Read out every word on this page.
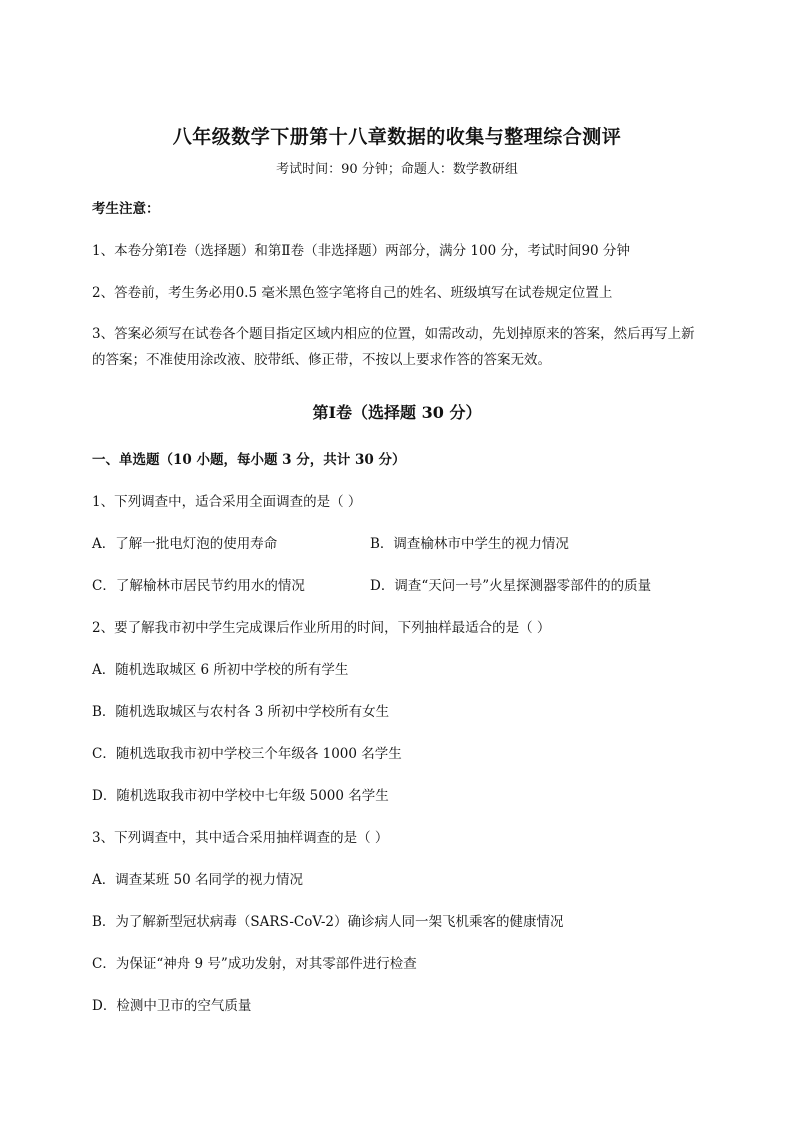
八年级数学下册第十八章数据的收集与整理综合测评
考试时间：90 分钟；命题人：数学教研组
考生注意：
1、本卷分第Ⅰ卷（选择题）和第Ⅱ卷（非选择题）两部分，满分 100 分，考试时间90 分钟
2、答卷前，考生务必用0.5 毫米黑色签字笔将自己的姓名、班级填写在试卷规定位置上
3、答案必须写在试卷各个题目指定区域内相应的位置，如需改动，先划掉原来的答案，然后再写上新的答案；不准使用涂改液、胶带纸、修正带，不按以上要求作答的答案无效。
第Ⅰ卷（选择题 30 分）
一、单选题（10 小题，每小题 3 分，共计 30 分）
1、下列调查中，适合采用全面调查的是（ ）
A．了解一批电灯泡的使用寿命	B．调查榆林市中学生的视力情况
C．了解榆林市居民节约用水的情况	D．调查“天问一号”火星探测器零部件的的质量
2、要了解我市初中学生完成课后作业所用的时间，下列抽样最适合的是（ ）
A．随机选取城区 6 所初中学校的所有学生
B．随机选取城区与农村各 3 所初中学校所有女生
C．随机选取我市初中学校三个年级各 1000 名学生
D．随机选取我市初中学校中七年级 5000 名学生
3、下列调查中，其中适合采用抽样调查的是（ ）
A．调查某班 50 名同学的视力情况
B．为了解新型冠状病毒（SARS-CoV-2）确诊病人同一架飞机乘客的健康情况
C．为保证“神舟 9 号”成功发射，对其零部件进行检查
D．检测中卫市的空气质量
